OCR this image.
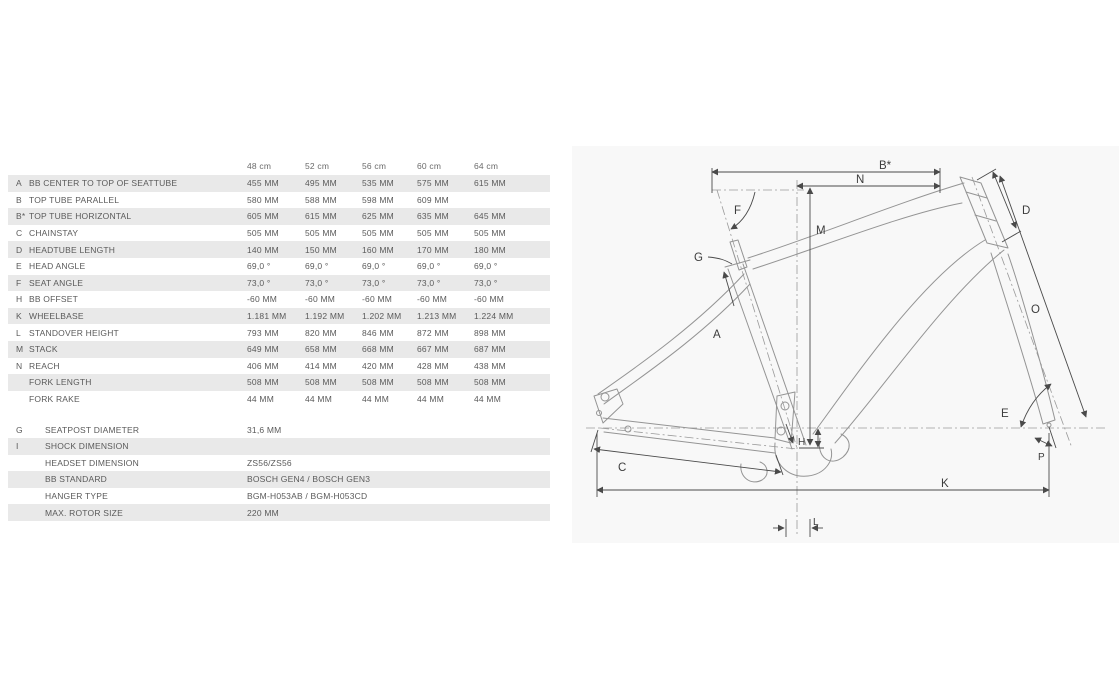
48 cm	52 cm	56 cm	60 cm	64 cm
A BB CENTER TO TOP OF SEATTUBE	455 MM	495 MM	535 MM	575 MM	615 MM
B TOP TUBE PARALLEL	580 MM	588 MM	598 MM	609 MM
B* TOP TUBE HORIZONTAL	605 MM	615 MM	625 MM	635 MM	645 MM
C CHAINSTAY	505 MM	505 MM	505 MM	505 MM	505 MM
D HEADTUBE LENGTH	140 MM	150 MM	160 MM	170 MM	180 MM
E HEAD ANGLE	69,0 °	69,0 °	69,0 °	69,0 °	69,0 °
F SEAT ANGLE	73,0 °	73,0 °	73,0 °	73,0 °	73,0 °
H BB OFFSET	-60 MM	-60 MM	-60 MM	-60 MM	-60 MM
K WHEELBASE	1.181 MM	1.192 MM	1.202 MM	1.213 MM	1.224 MM
L STANDOVER HEIGHT	793 MM	820 MM	846 MM	872 MM	898 MM
M STACK	649 MM	658 MM	668 MM	667 MM	687 MM
N REACH	406 MM	414 MM	420 MM	428 MM	438 MM
FORK LENGTH	508 MM	508 MM	508 MM	508 MM	508 MM
FORK RAKE	44 MM	44 MM	44 MM	44 MM	44 MM
G	SEATPOST DIAMETER	31,6 MM
I	SHOCK DIMENSION
HEADSET DIMENSION	ZS56/ZS56
BB STANDARD	BOSCH GEN4 / BOSCH GEN3
HANGER TYPE	BGM-H053AB / BGM-H053CD
MAX. ROTOR SIZE	220 MM
B*
N
F
M
D
G
A
O
E
H
P
C
K
L
